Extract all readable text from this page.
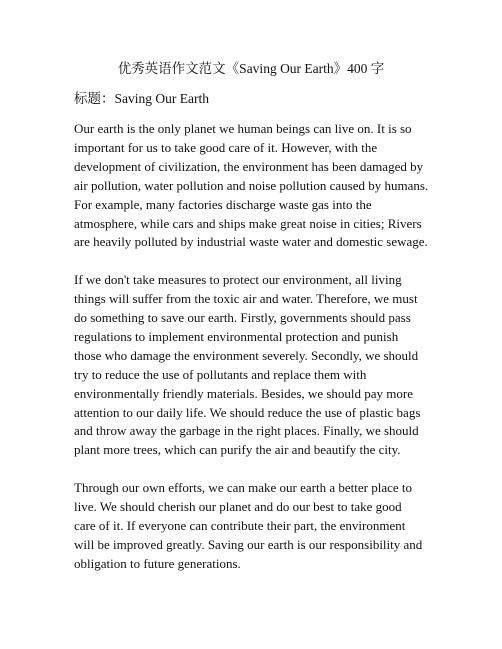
优秀英语作文范文《Saving Our Earth》400 字
标题：Saving Our Earth

Our earth is the only planet we human beings can live on. It is so
important for us to take good care of it. However, with the
development of civilization, the environment has been damaged by
air pollution, water pollution and noise pollution caused by humans.
For example, many factories discharge waste gas into the
atmosphere, while cars and ships make great noise in cities; Rivers
are heavily polluted by industrial waste water and domestic sewage.

If we don't take measures to protect our environment, all living
things will suffer from the toxic air and water. Therefore, we must
do something to save our earth. Firstly, governments should pass
regulations to implement environmental protection and punish
those who damage the environment severely. Secondly, we should
try to reduce the use of pollutants and replace them with
environmentally friendly materials. Besides, we should pay more
attention to our daily life. We should reduce the use of plastic bags
and throw away the garbage in the right places. Finally, we should
plant more trees, which can purify the air and beautify the city.

Through our own efforts, we can make our earth a better place to
live. We should cherish our planet and do our best to take good
care of it. If everyone can contribute their part, the environment
will be improved greatly. Saving our earth is our responsibility and
obligation to future generations.
